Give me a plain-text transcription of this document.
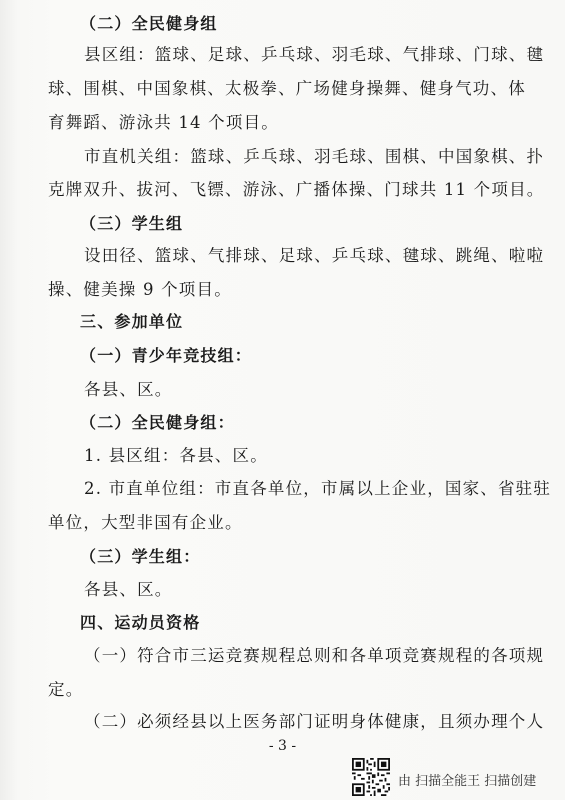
（二）全民健身组
县区组：篮球、足球、乒乓球、羽毛球、气排球、门球、毽
球、围棋、中国象棋、太极拳、广场健身操舞、健身气功、体
育舞蹈、游泳共 14 个项目。
市直机关组：篮球、乒乓球、羽毛球、围棋、中国象棋、扑
克牌双升、拔河、飞镖、游泳、广播体操、门球共 11 个项目。
（三）学生组
设田径、篮球、气排球、足球、乒乓球、毽球、跳绳、啦啦
操、健美操 9 个项目。
三、参加单位
（一）青少年竞技组：
各县、区。
（二）全民健身组：
1. 县区组：各县、区。
2. 市直单位组：市直各单位，市属以上企业，国家、省驻驻
单位，大型非国有企业。
（三）学生组：
各县、区。
四、运动员资格
（一）符合市三运竞赛规程总则和各单项竞赛规程的各项规
定。
（二）必须经县以上医务部门证明身体健康，且须办理个人
- 3 -
由 扫描全能王 扫描创建
